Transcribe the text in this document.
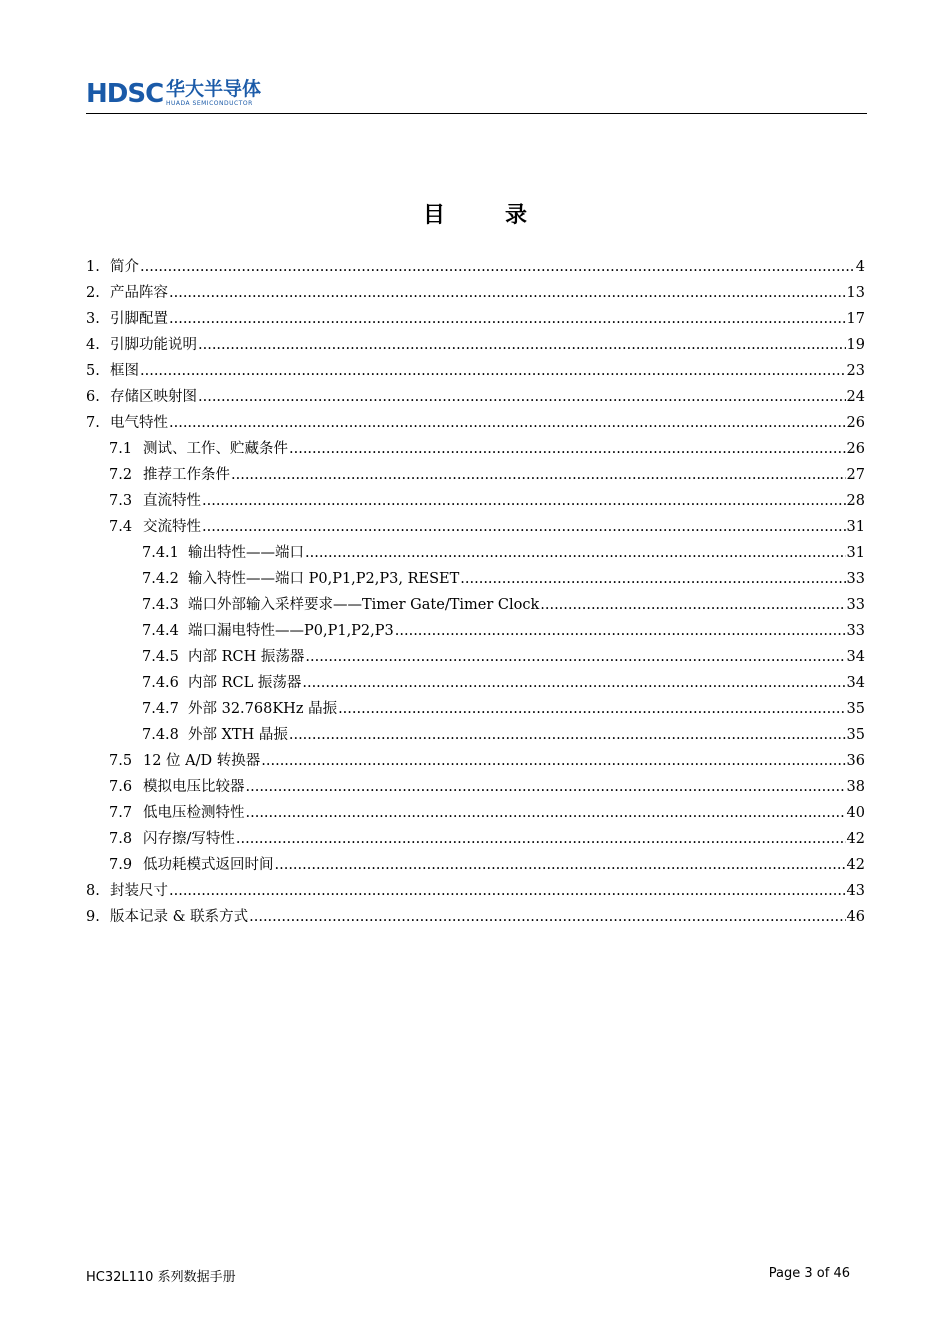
HDSC 华大半导体
HUADA SEMICONDUCTOR
目录
1. 简介 .....	4
2. 产品阵容 .....	13
3. 引脚配置 .....	17
4. 引脚功能说明 .....	19
5. 框图 .....	23
6. 存储区映射图 .....	24
7. 电气特性 .....	26
7.1 测试、工作、贮藏条件 .....	26
7.2 推荐工作条件 .....	27
7.3 直流特性 .....	28
7.4 交流特性 .....	31
7.4.1 输出特性——端口 .....	31
7.4.2 输入特性——端口 P0,P1,P2,P3, RESET .....	33
7.4.3 端口外部输入采样要求——Timer Gate/Timer Clock .....	33
7.4.4 端口漏电特性——P0,P1,P2,P3 .....	33
7.4.5 内部 RCH 振荡器 .....	34
7.4.6 内部 RCL 振荡器 .....	34
7.4.7 外部 32.768KHz 晶振 .....	35
7.4.8 外部 XTH 晶振 .....	35
7.5 12 位 A/D 转换器 .....	36
7.6 模拟电压比较器 .....	38
7.7 低电压检测特性 .....	40
7.8 闪存擦/写特性 .....	42
7.9 低功耗模式返回时间 .....	42
8. 封装尺寸 .....	43
9. 版本记录 & 联系方式 .....	46
HC32L110 系列数据手册	Page 3 of 46
